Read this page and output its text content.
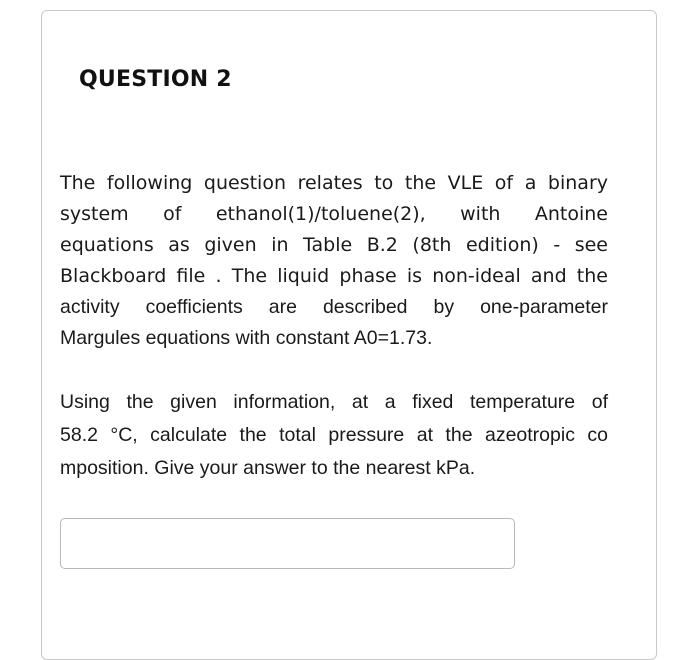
QUESTION 2
The following question relates to the VLE of a binary
system of ethanol(1)/toluene(2), with Antoine
equations as given in Table B.2 (8th edition) - see
Blackboard file . The liquid phase is non-ideal and the
activity coefficients are described by one-parameter
Margules equations with constant A0=1.73.
Using the given information, at a fixed temperature of
58.2 °C, calculate the total pressure at the azeotropic co
mposition. Give your answer to the nearest kPa.
